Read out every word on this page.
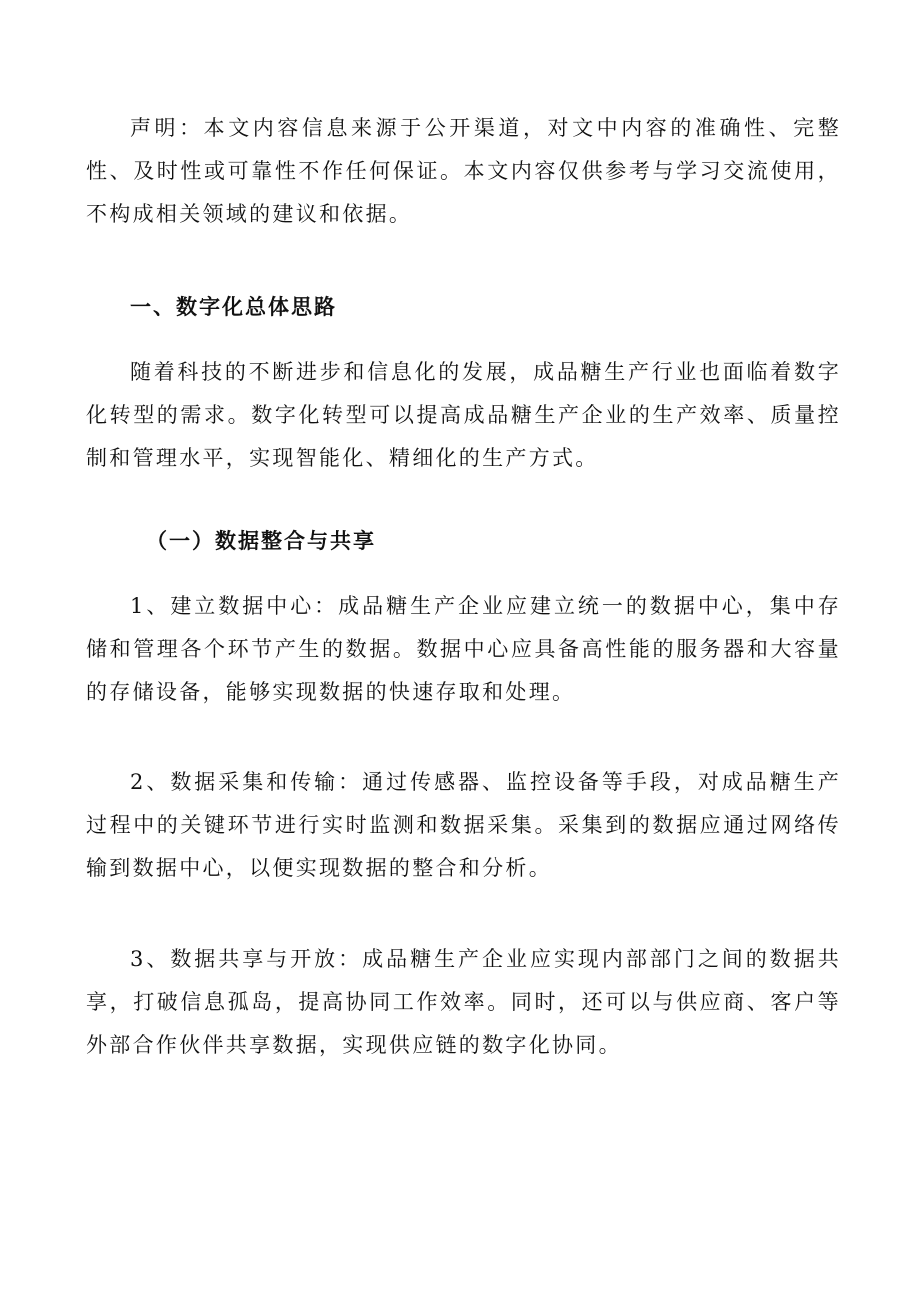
声明：本文内容信息来源于公开渠道，对文中内容的准确性、完整性、及时性或可靠性不作任何保证。本文内容仅供参考与学习交流使用，不构成相关领域的建议和依据。

一、数字化总体思路

随着科技的不断进步和信息化的发展，成品糖生产行业也面临着数字化转型的需求。数字化转型可以提高成品糖生产企业的生产效率、质量控制和管理水平，实现智能化、精细化的生产方式。

（一）数据整合与共享

1、建立数据中心：成品糖生产企业应建立统一的数据中心，集中存储和管理各个环节产生的数据。数据中心应具备高性能的服务器和大容量的存储设备，能够实现数据的快速存取和处理。

2、数据采集和传输：通过传感器、监控设备等手段，对成品糖生产过程中的关键环节进行实时监测和数据采集。采集到的数据应通过网络传输到数据中心，以便实现数据的整合和分析。

3、数据共享与开放：成品糖生产企业应实现内部部门之间的数据共享，打破信息孤岛，提高协同工作效率。同时，还可以与供应商、客户等外部合作伙伴共享数据，实现供应链的数字化协同。
